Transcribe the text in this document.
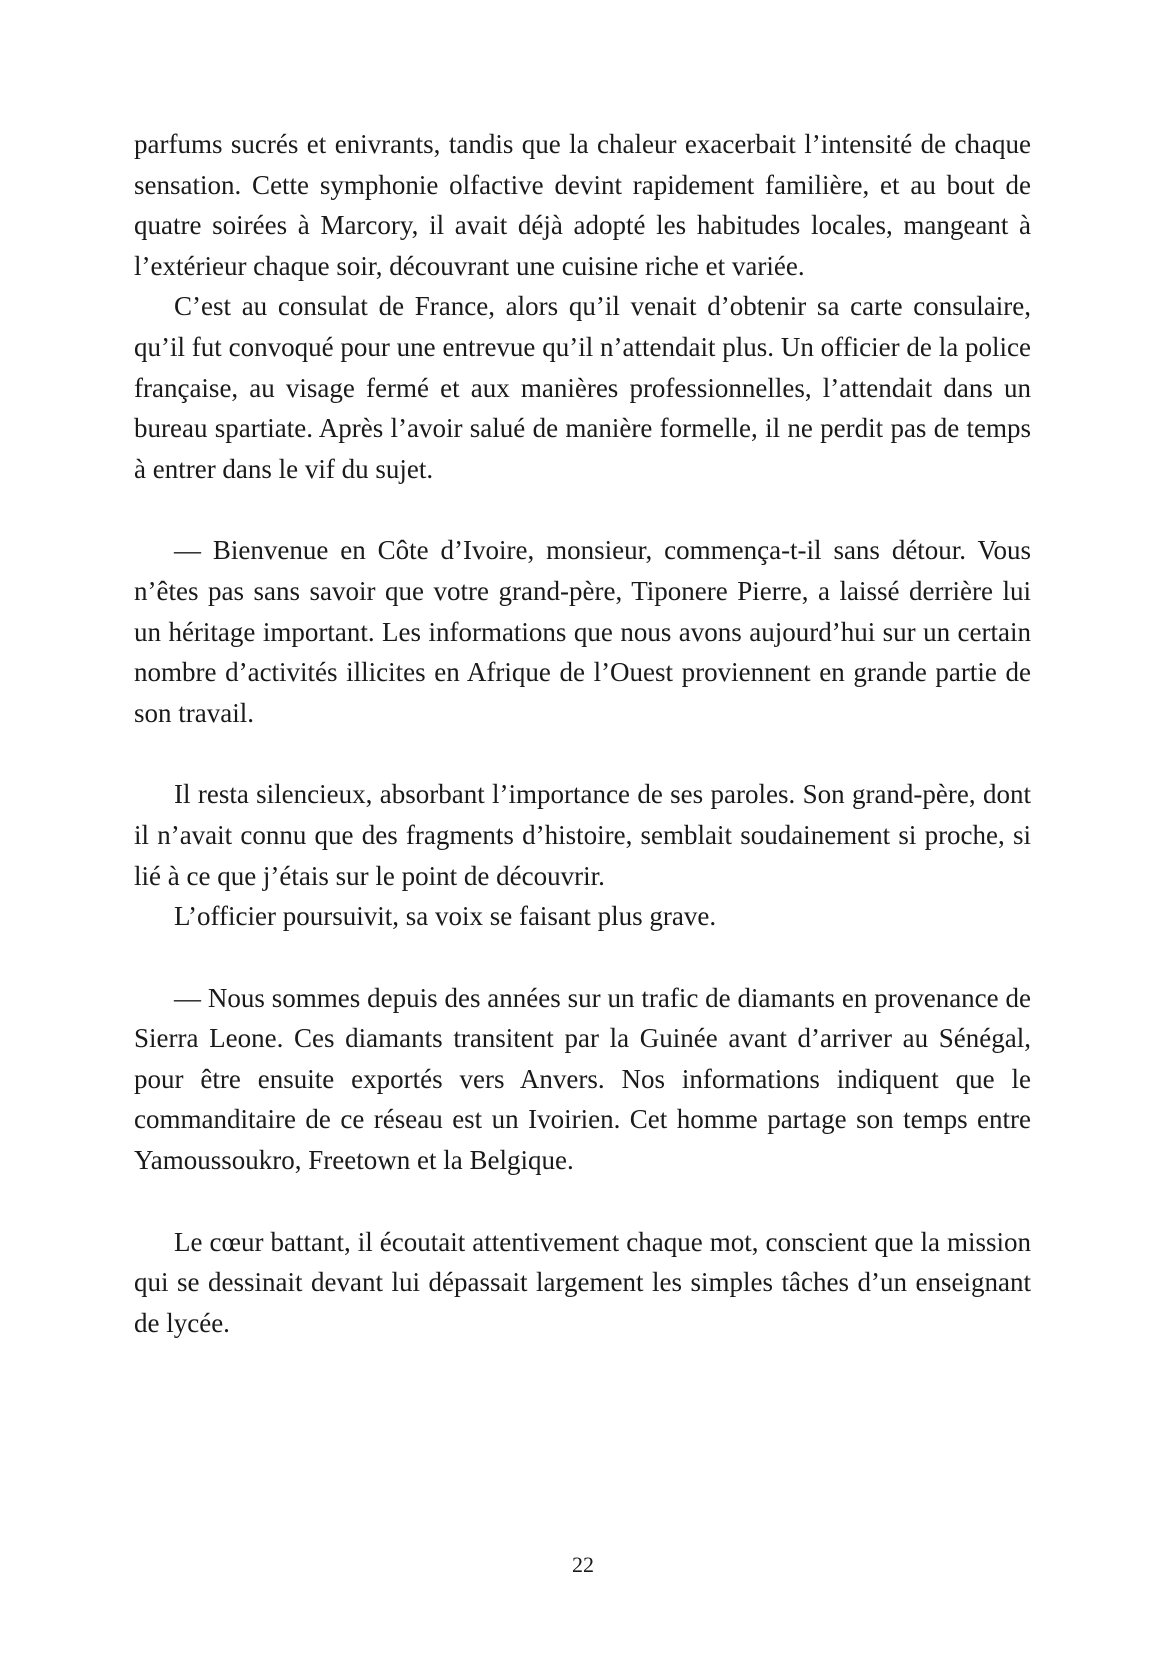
parfums sucrés et enivrants, tandis que la chaleur exacerbait l’intensité de chaque sensation. Cette symphonie olfactive devint rapidement familière, et au bout de quatre soirées à Marcory, il avait déjà adopté les habitudes locales, mangeant à l’extérieur chaque soir, découvrant une cuisine riche et variée.

C’est au consulat de France, alors qu’il venait d’obtenir sa carte consulaire, qu’il fut convoqué pour une entrevue qu’il n’attendait plus. Un officier de la police française, au visage fermé et aux manières professionnelles, l’attendait dans un bureau spartiate. Après l’avoir salué de manière formelle, il ne perdit pas de temps à entrer dans le vif du sujet.

— Bienvenue en Côte d’Ivoire, monsieur, commença-t-il sans détour. Vous n’êtes pas sans savoir que votre grand-père, Tiponere Pierre, a laissé derrière lui un héritage important. Les informations que nous avons aujourd’hui sur un certain nombre d’activités illicites en Afrique de l’Ouest proviennent en grande partie de son travail.

Il resta silencieux, absorbant l’importance de ses paroles. Son grand-père, dont il n’avait connu que des fragments d’histoire, semblait soudainement si proche, si lié à ce que j’étais sur le point de découvrir.

L’officier poursuivit, sa voix se faisant plus grave.

— Nous sommes depuis des années sur un trafic de diamants en provenance de Sierra Leone. Ces diamants transitent par la Guinée avant d’arriver au Sénégal, pour être ensuite exportés vers Anvers. Nos informations indiquent que le commanditaire de ce réseau est un Ivoirien. Cet homme partage son temps entre Yamoussoukro, Freetown et la Belgique.

Le cœur battant, il écoutait attentivement chaque mot, conscient que la mission qui se dessinait devant lui dépassait largement les simples tâches d’un enseignant de lycée.

22
